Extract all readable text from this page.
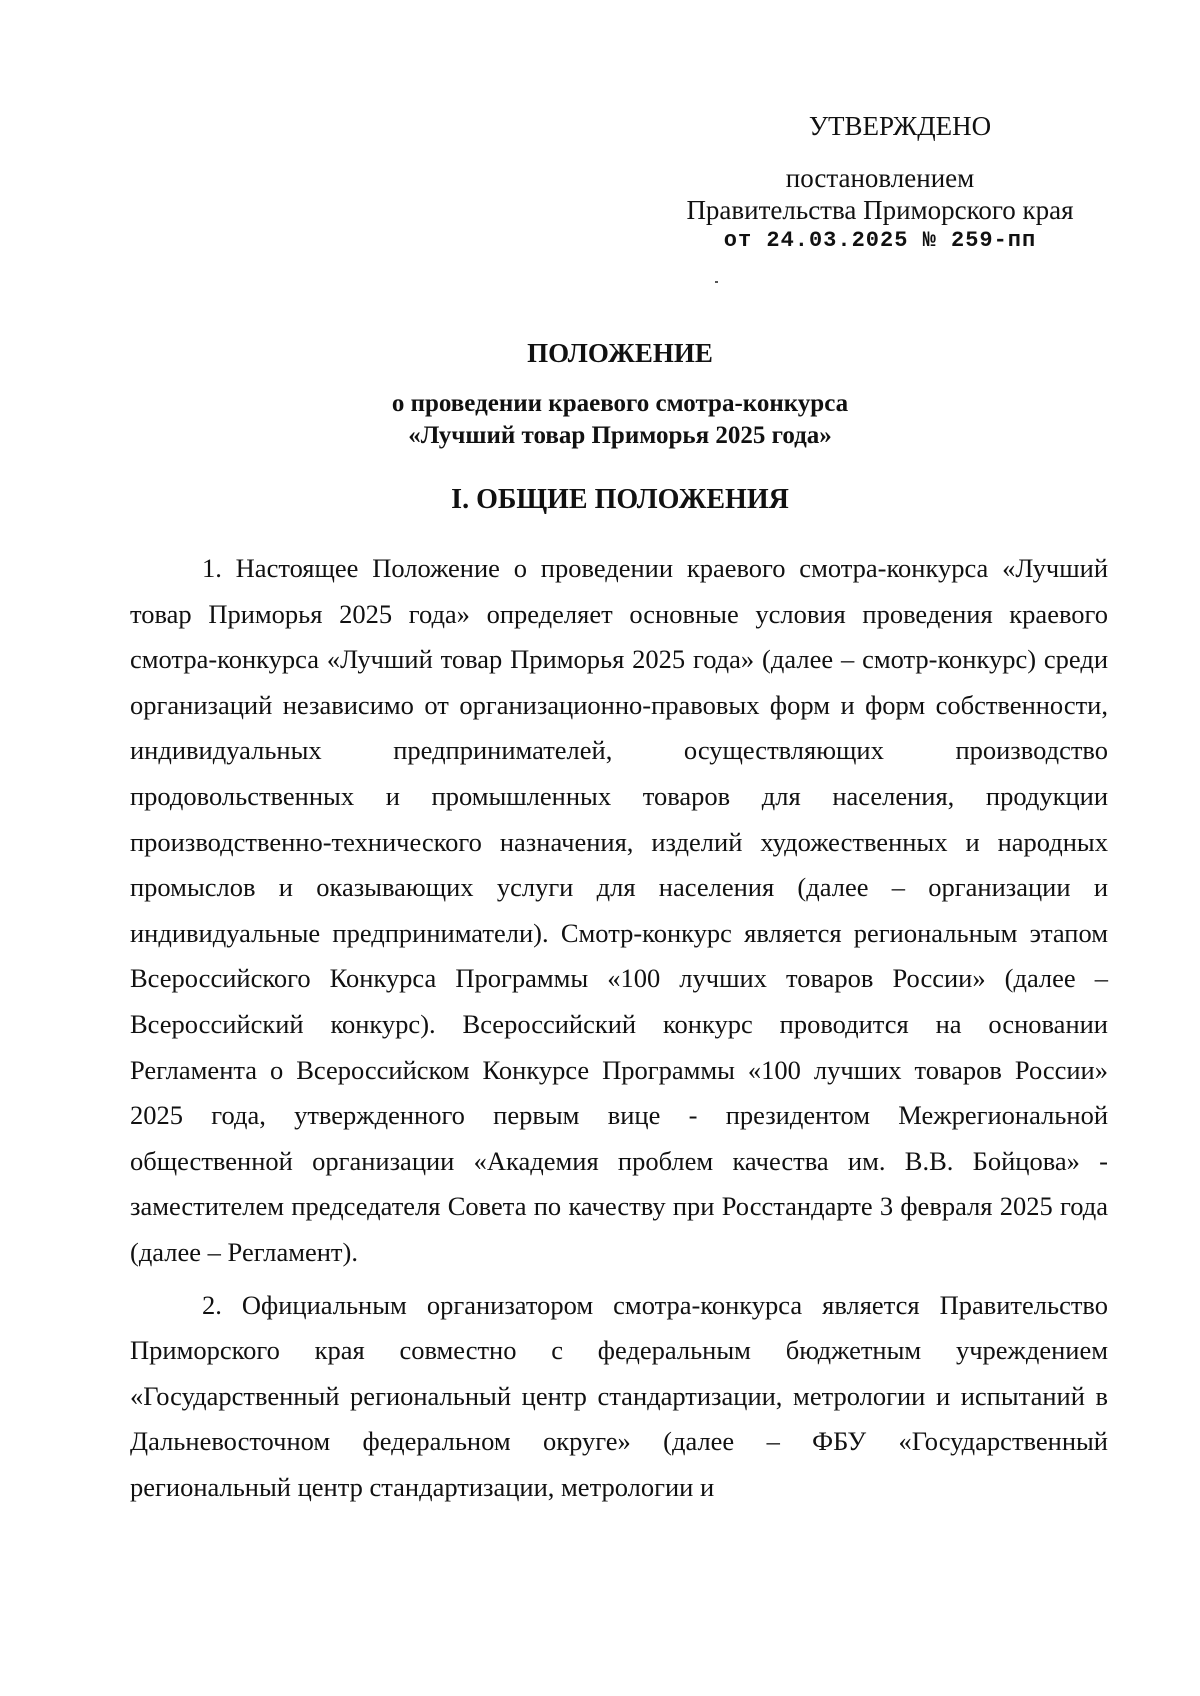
УТВЕРЖДЕНО
постановлением
Правительства Приморского края
от 24.03.2025 № 259-пп
ПОЛОЖЕНИЕ
о проведении краевого смотра-конкурса
«Лучший товар Приморья 2025 года»
I. ОБЩИЕ ПОЛОЖЕНИЯ

1. Настоящее Положение о проведении краевого смотра-конкурса «Лучший товар Приморья 2025 года» определяет основные условия проведения краевого смотра-конкурса «Лучший товар Приморья 2025 года» (далее – смотр-конкурс) среди организаций независимо от организационно-правовых форм и форм собственности, индивидуальных предпринимателей, осуществляющих производство продовольственных и промышленных товаров для населения, продукции производственно-технического назначения, изделий художественных и народных промыслов и оказывающих услуги для населения (далее – организации и индивидуальные предприниматели). Смотр-конкурс является региональным этапом Всероссийского Конкурса Программы «100 лучших товаров России» (далее – Всероссийский конкурс). Всероссийский конкурс проводится на основании Регламента о Всероссийском Конкурсе Программы «100 лучших товаров России» 2025 года, утвержденного первым вице - президентом Межрегиональной общественной организации «Академия проблем качества им. В.В. Бойцова» - заместителем председателя Совета по качеству при Росстандарте 3 февраля 2025 года (далее – Регламент).

2. Официальным организатором смотра-конкурса является Правительство Приморского края совместно с федеральным бюджетным учреждением «Государственный региональный центр стандартизации, метрологии и испытаний в Дальневосточном федеральном округе» (далее – ФБУ «Государственный региональный центр стандартизации, метрологии и
